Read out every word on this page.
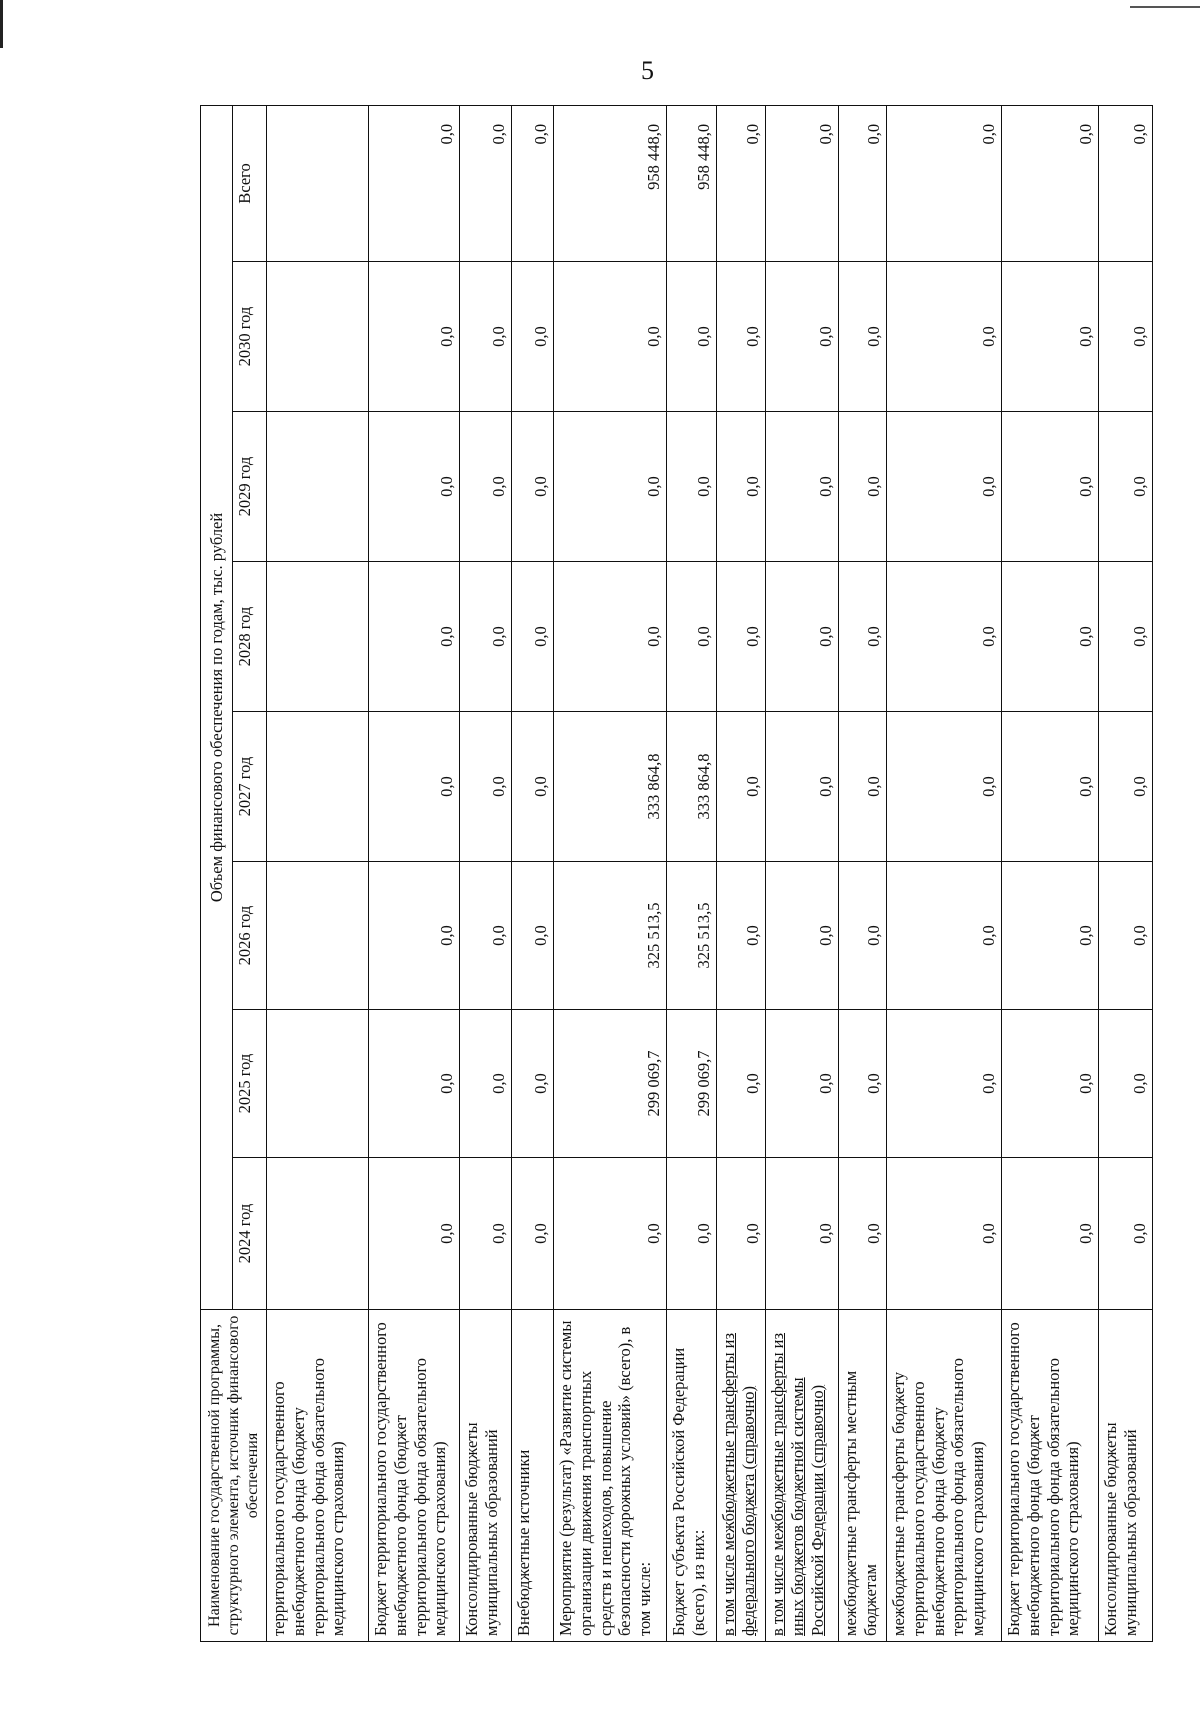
5
Наименование государственной программы, структурного элемента, источник финансового обеспечения	Объем финансового обеспечения по годам, тыс. рублей							
	2024 год	2025 год	2026 год	2027 год	2028 год	2029 год	2030 год	Всего
территориального государственного внебюджетного фонда (бюджету территориального фонда обязательного медицинского страхования)								
Бюджет территориального государственного внебюджетного фонда (бюджет территориального фонда обязательного медицинского страхования)	0,0	0,0	0,0	0,0	0,0	0,0	0,0	0,0
Консолидированные бюджеты муниципальных образований	0,0	0,0	0,0	0,0	0,0	0,0	0,0	0,0
Внебюджетные источники	0,0	0,0	0,0	0,0	0,0	0,0	0,0	0,0
Мероприятие (результат) «Развитие системы организации движения транспортных средств и пешеходов, повышение безопасности дорожных условий» (всего), в том числе:	0,0	299 069,7	325 513,5	333 864,8	0,0	0,0	0,0	958 448,0
Бюджет субъекта Российской Федерации (всего), из них:	0,0	299 069,7	325 513,5	333 864,8	0,0	0,0	0,0	958 448,0
в том числе межбюджетные трансферты из федерального бюджета (справочно)	0,0	0,0	0,0	0,0	0,0	0,0	0,0	0,0
в том числе межбюджетные трансферты из иных бюджетов бюджетной системы Российской Федерации (справочно)	0,0	0,0	0,0	0,0	0,0	0,0	0,0	0,0
межбюджетные трансферты местным бюджетам	0,0	0,0	0,0	0,0	0,0	0,0	0,0	0,0
межбюджетные трансферты бюджету территориального государственного внебюджетного фонда (бюджету территориального фонда обязательного медицинского страхования)	0,0	0,0	0,0	0,0	0,0	0,0	0,0	0,0
Бюджет территориального государственного внебюджетного фонда (бюджет территориального фонда обязательного медицинского страхования)	0,0	0,0	0,0	0,0	0,0	0,0	0,0	0,0
Консолидированные бюджеты муниципальных образований	0,0	0,0	0,0	0,0	0,0	0,0	0,0	0,0
